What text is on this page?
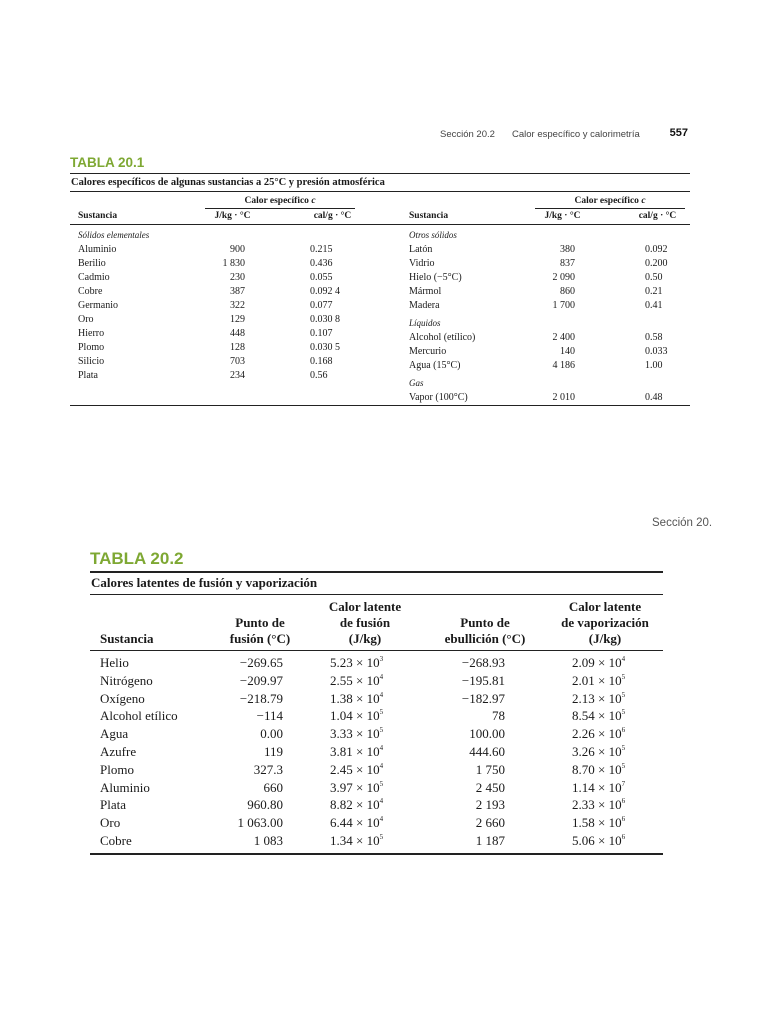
Sección 20.2 Calor específico y calorimetría	557
TABLA 20.1
Calores específicos de algunas sustancias a 25°C y presión atmosférica
Calor específico c	Calor específico c
Sustancia	J/kg · °C	cal/g · °C	Sustancia	J/kg · °C	cal/g · °C
Sólidos elementales
Aluminio	900	0.215
Berilio	1 830	0.436
Cadmio	230	0.055
Cobre	387	0.092 4
Germanio	322	0.077
Oro	129	0.030 8
Hierro	448	0.107
Plomo	128	0.030 5
Silicio	703	0.168
Plata	234	0.56
Otros sólidos
Latón	380	0.092
Vidrio	837	0.200
Hielo (−5°C)	2 090	0.50
Mármol	860	0.21
Madera	1 700	0.41
Líquidos
Alcohol (etílico)	2 400	0.58
Mercurio	140	0.033
Agua (15°C)	4 186	1.00
Gas
Vapor (100°C)	2 010	0.48
Sección 20.
TABLA 20.2
Calores latentes de fusión y vaporización
Sustancia
Punto de
fusión (°C)
Calor latente
de fusión
(J/kg)
Punto de
ebullición (°C)
Calor latente
de vaporización
(J/kg)
Helio	−269.65	$5.23 \times 10^3$	−268.93	$2.09 \times 10^4$
Nitrógeno	−209.97	$2.55 \times 10^4$	−195.81	$2.01 \times 10^5$
Oxígeno	−218.79	$1.38 \times 10^4$	−182.97	$2.13 \times 10^5$
Alcohol etílico	−114	$1.04 \times 10^5$	78	$8.54 \times 10^5$
Agua	0.00	$3.33 \times 10^5$	100.00	$2.26 \times 10^6$
Azufre	119	$3.81 \times 10^4$	444.60	$3.26 \times 10^5$
Plomo	327.3	$2.45 \times 10^4$	1 750	$8.70 \times 10^5$
Aluminio	660	$3.97 \times 10^5$	2 450	$1.14 \times 10^7$
Plata	960.80	$8.82 \times 10^4$	2 193	$2.33 \times 10^6$
Oro	1 063.00	$6.44 \times 10^4$	2 660	$1.58 \times 10^6$
Cobre	1 083	$1.34 \times 10^5$	1 187	$5.06 \times 10^6$
